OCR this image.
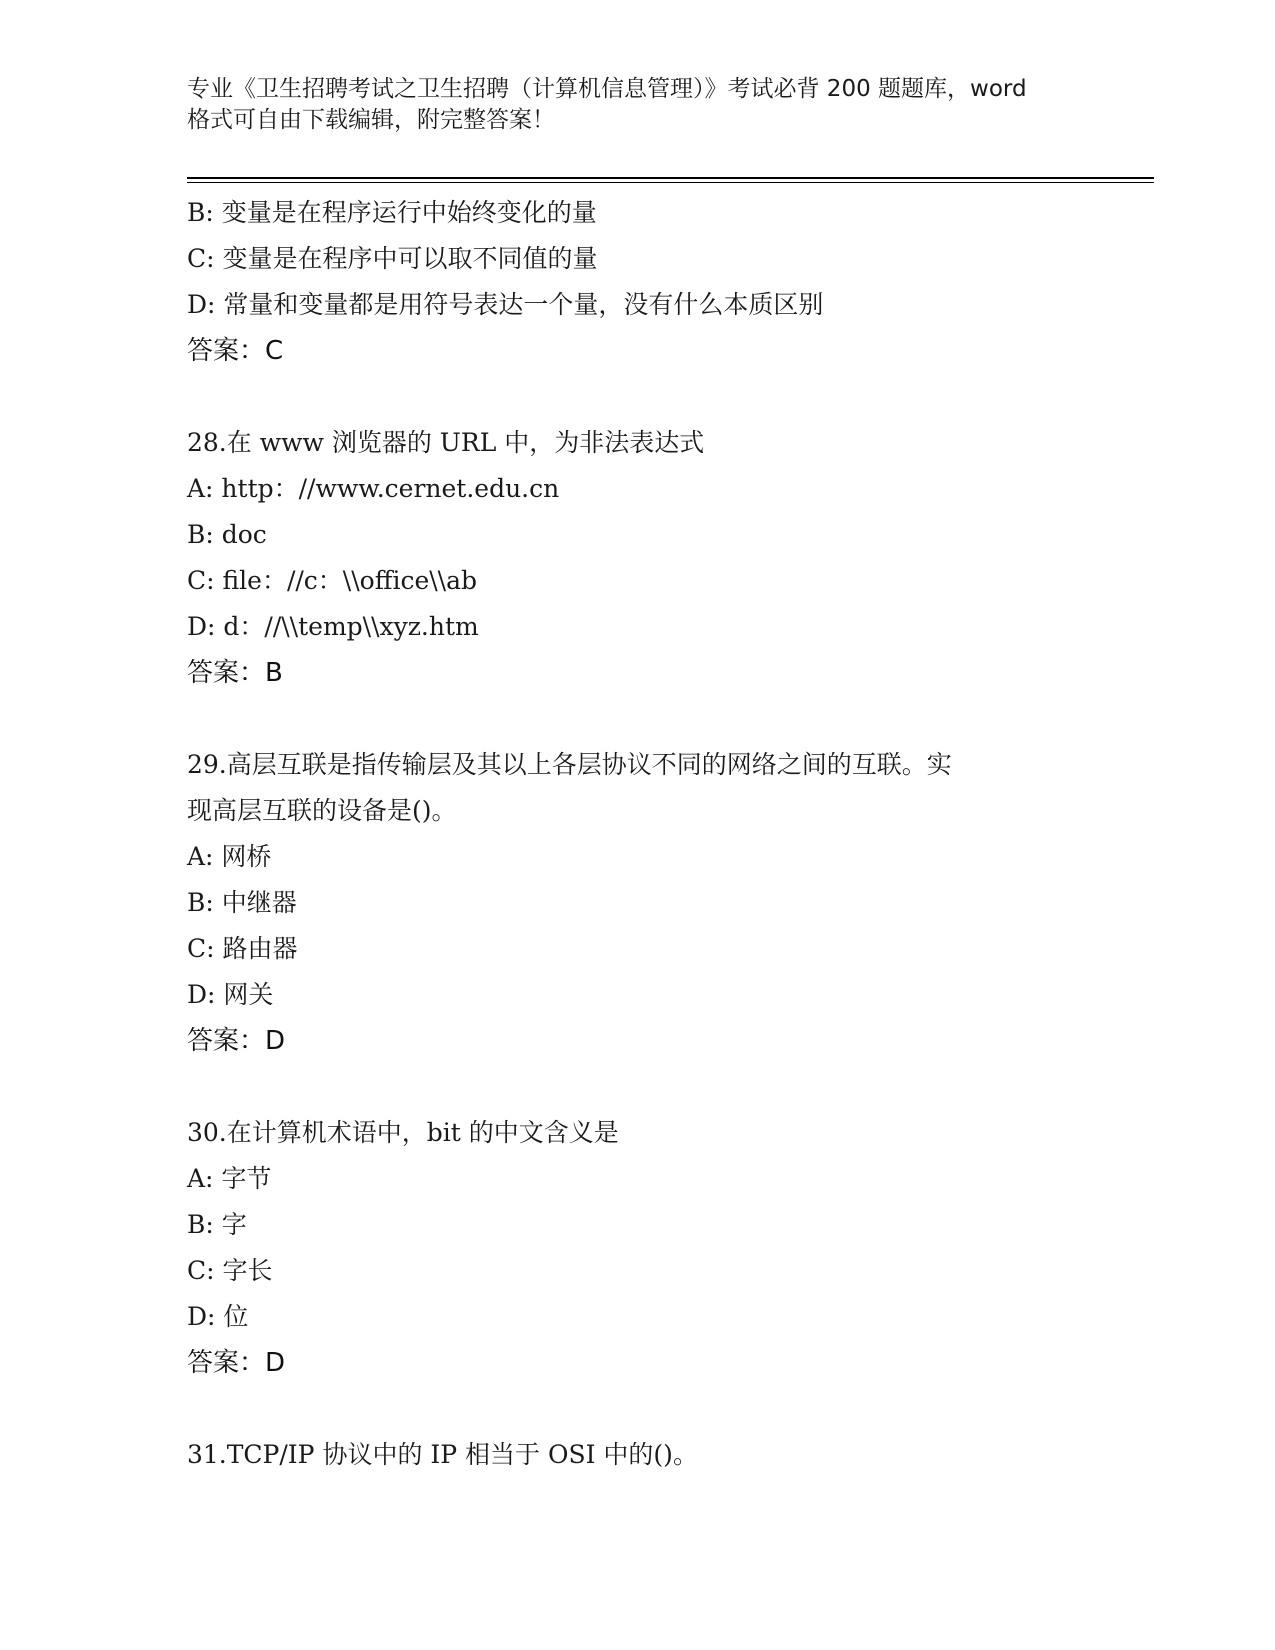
专业《卫生招聘考试之卫生招聘（计算机信息管理）》考试必背 200 题题库，word
格式可自由下载编辑，附完整答案！
B: 变量是在程序运行中始终变化的量
C: 变量是在程序中可以取不同值的量
D: 常量和变量都是用符号表达一个量，没有什么本质区别
答案：C
28.在 www 浏览器的 URL 中，为非法表达式
A: http：//www.cernet.edu.cn
B: doc
C: file：//c：\\office\\ab
D: d：//\\temp\\xyz.htm
答案：B
29.高层互联是指传输层及其以上各层协议不同的网络之间的互联。实
现高层互联的设备是()。
A: 网桥
B: 中继器
C: 路由器
D: 网关
答案：D
30.在计算机术语中，bit 的中文含义是
A: 字节
B: 字
C: 字长
D: 位
答案：D
31.TCP/IP 协议中的 IP 相当于 OSI 中的()。
